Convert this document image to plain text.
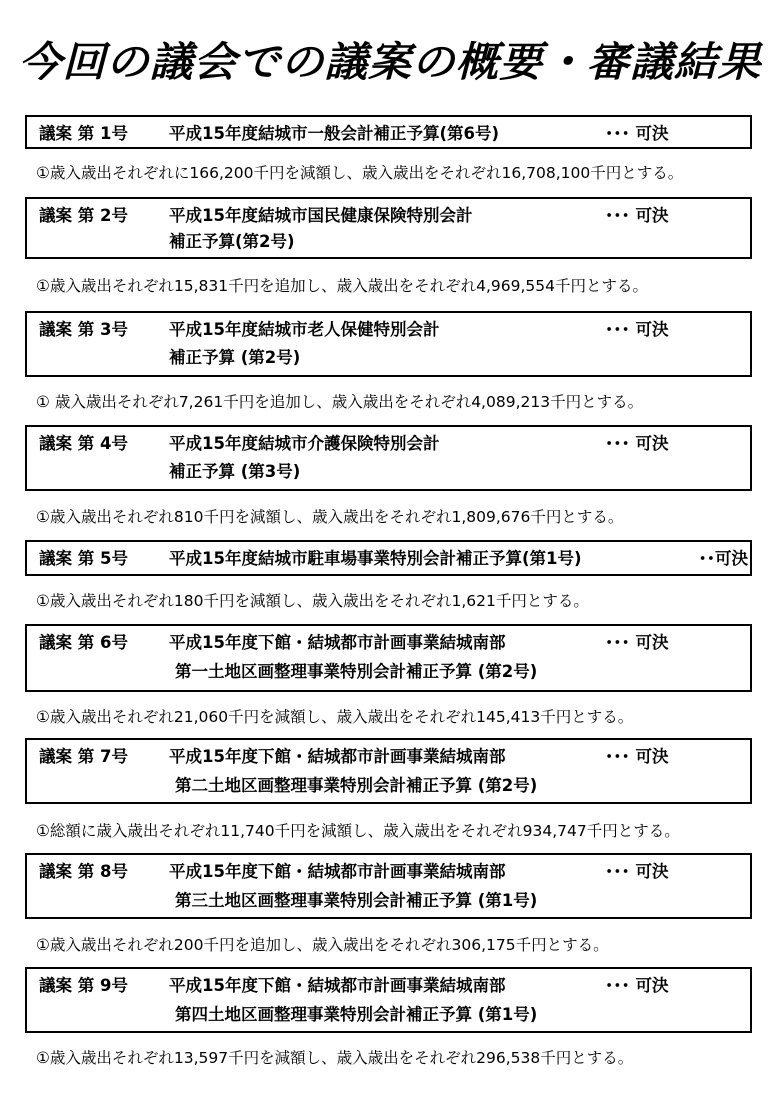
今回の議会での議案の概要・審議結果
議案 第 1号 平成15年度結城市一般会計補正予算(第6号)	･･･ 可決
①歳入歳出それぞれに166,200千円を減額し、歳入歳出をそれぞれ16,708,100千円とする。
議案 第 2号 平成15年度結城市国民健康保険特別会計	･･･ 可決
補正予算(第2号)
①歳入歳出それぞれ15,831千円を追加し、歳入歳出をそれぞれ4,969,554千円とする。
議案 第 3号 平成15年度結城市老人保健特別会計	･･･ 可決
補正予算 (第2号)
① 歳入歳出それぞれ7,261千円を追加し、歳入歳出をそれぞれ4,089,213千円とする。
議案 第 4号 平成15年度結城市介護保険特別会計	･･･ 可決
補正予算 (第3号)
①歳入歳出それぞれ810千円を減額し、歳入歳出をそれぞれ1,809,676千円とする。
議案 第 5号 平成15年度結城市駐車場事業特別会計補正予算(第1号)	･･可決
①歳入歳出それぞれ180千円を減額し、歳入歳出をそれぞれ1,621千円とする。
議案 第 6号 平成15年度下館・結城都市計画事業結城南部	･･･ 可決
第一土地区画整理事業特別会計補正予算 (第2号)
①歳入歳出それぞれ21,060千円を減額し、歳入歳出をそれぞれ145,413千円とする。
議案 第 7号 平成15年度下館・結城都市計画事業結城南部	･･･ 可決
第二土地区画整理事業特別会計補正予算 (第2号)
①総額に歳入歳出それぞれ11,740千円を減額し、歳入歳出をそれぞれ934,747千円とする。
議案 第 8号 平成15年度下館・結城都市計画事業結城南部	･･･ 可決
第三土地区画整理事業特別会計補正予算 (第1号)
①歳入歳出それぞれ200千円を追加し、歳入歳出をそれぞれ306,175千円とする。
議案 第 9号 平成15年度下館・結城都市計画事業結城南部	･･･ 可決
第四土地区画整理事業特別会計補正予算 (第1号)
①歳入歳出それぞれ13,597千円を減額し、歳入歳出をそれぞれ296,538千円とする。
